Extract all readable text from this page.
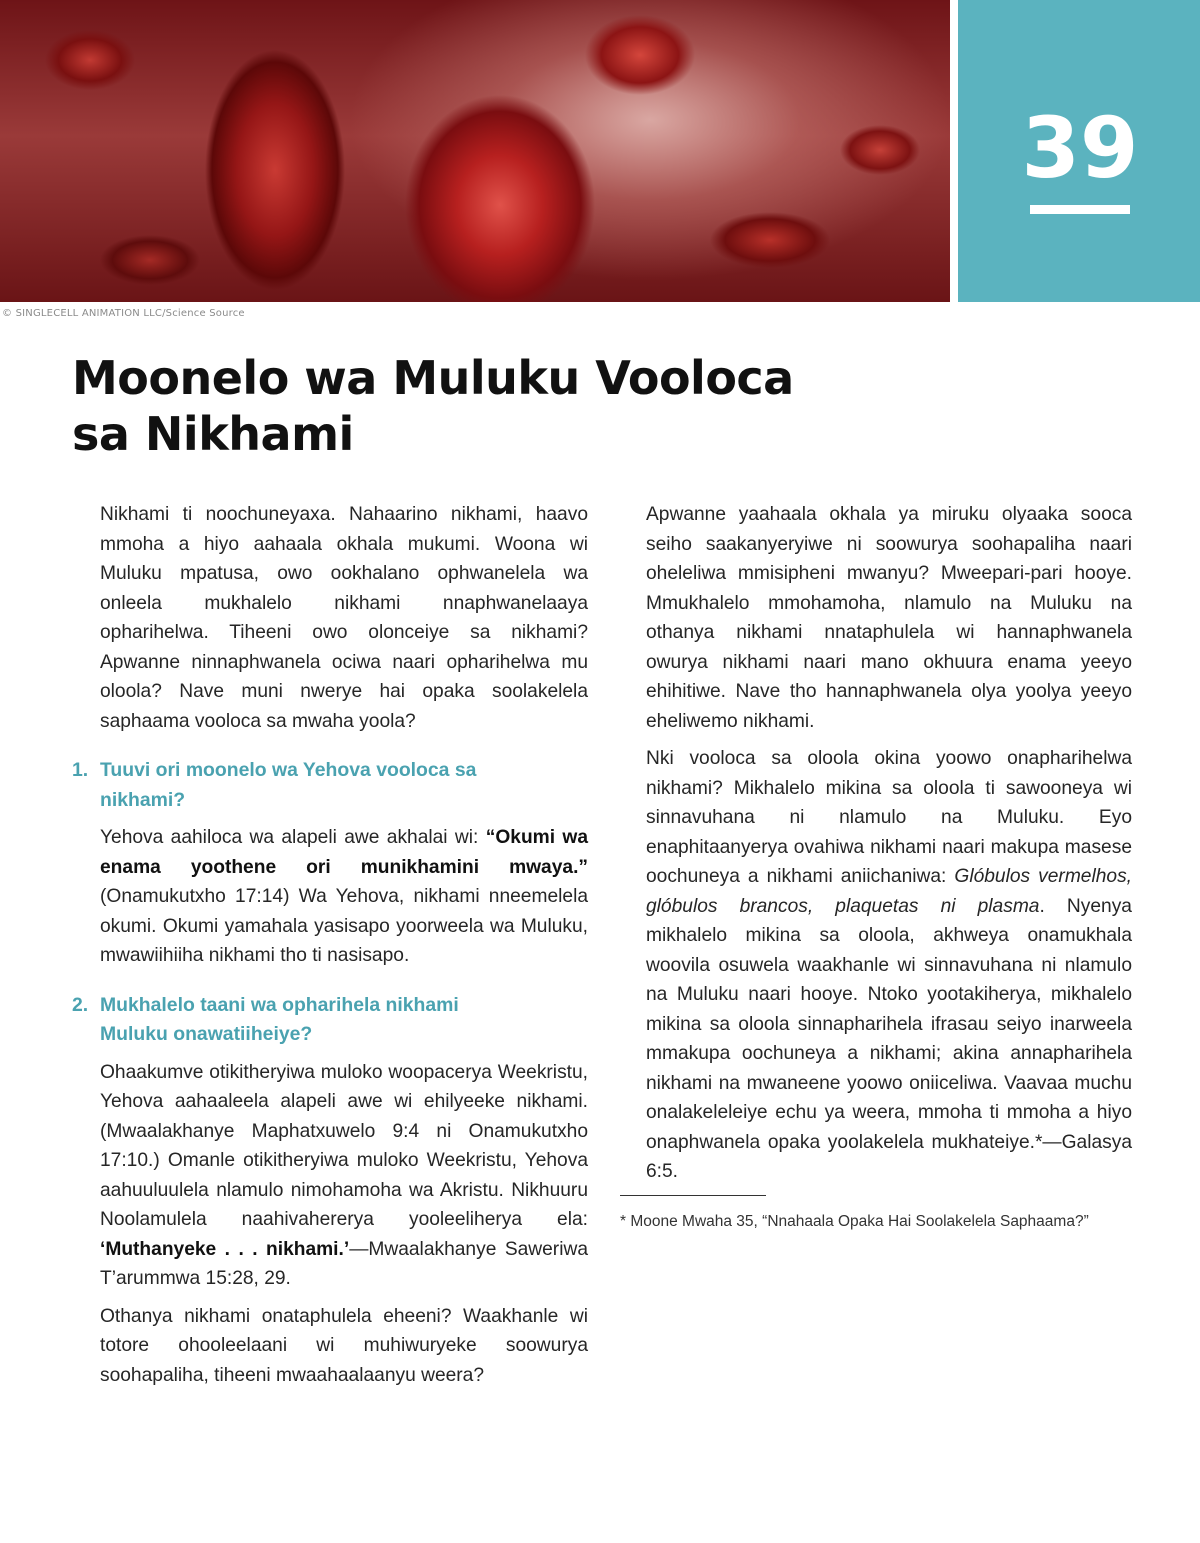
39
© SINGLECELL ANIMATION LLC/Science Source
Moonelo wa Muluku Vooloca
sa Nikhami

Nikhami ti noochuneyaxa. Nahaarino nikhami, haavo mmoha a hiyo aahaala okhala mukumi. Woona wi Muluku mpatusa, owo ookhalano ophwanelela wa onleela mukhalelo nikhami nnaphwanelaaya opharihelwa. Tiheeni owo olonceiye sa nikhami? Apwanne ninnaphwanela ociwa naari opharihelwa mu oloola? Nave muni nwerye hai opaka soolakelela saphaama vooloca sa mwaha yoola?

1. Tuuvi ori moonelo wa Yehova vooloca sa nikhami?

Yehova aahiloca wa alapeli awe akhalai wi: “Okumi wa enama yoothene ori munikhamini mwaya.” (Onamukutxho 17:14) Wa Yehova, nikhami nneemelela okumi. Okumi yamahala yasisapo yoorweela wa Muluku, mwawiihiiha nikhami tho ti nasisapo.

2. Mukhalelo taani wa opharihela nikhami Muluku onawatiiheiye?

Ohaakumve otikitheryiwa muloko woopacerya Weekristu, Yehova aahaaleela alapeli awe wi ehilyeeke nikhami. (Mwaalakhanye Maphatxuwelo 9:4 ni Onamukutxho 17:10.) Omanle otikitheryiwa muloko Weekristu, Yehova aahuuluulela nlamulo nimohamoha wa Akristu. Nikhuuru Noolamulela naahivahererya yooleeliherya ela: ‘Muthanyeke . . . nikhami.’—Mwaalakhanye Saweriwa T’arummwa 15:28, 29.

Othanya nikhami onataphulela eheeni? Waakhanle wi totore ohooleelaani wi muhiwuryeke soowurya soohapaliha, tiheeni mwaahaalaanyu weera?

Apwanne yaahaala okhala ya miruku olyaaka sooca seiho saakanyeryiwe ni soowurya soohapaliha naari oheleliwa mmisipheni mwanyu? Mweepari-pari hooye. Mmukhalelo mmohamoha, nlamulo na Muluku na othanya nikhami nnataphulela wi hannaphwanela owurya nikhami naari mano okhuura enama yeeyo ehihitiwe. Nave tho hannaphwanela olya yoolya yeeyo eheliwemo nikhami.

Nki vooloca sa oloola okina yoowo onapharihelwa nikhami? Mikhalelo mikina sa oloola ti sawooneya wi sinnavuhana ni nlamulo na Muluku. Eyo enaphitaanyerya ovahiwa nikhami naari makupa masese oochuneya a nikhami aniichaniwa: Glóbulos vermelhos, glóbulos brancos, plaquetas ni plasma. Nyenya mikhalelo mikina sa oloola, akhweya onamukhala woovila osuwela waakhanle wi sinnavuhana ni nlamulo na Muluku naari hooye. Ntoko yootakiherya, mikhalelo mikina sa oloola sinnapharihela ifrasau seiyo inarweela mmakupa oochuneya a nikhami; akina annapharihela nikhami na mwaneene yoowo oniiceliwa. Vaavaa muchu onalakeleleiye echu ya weera, mmoha ti mmoha a hiyo onaphwanela opaka yoolakelela mukhateiye.*—Galasya 6:5.

* Moone Mwaha 35, “Nnahaala Opaka Hai Soolakelela Saphaama?”
